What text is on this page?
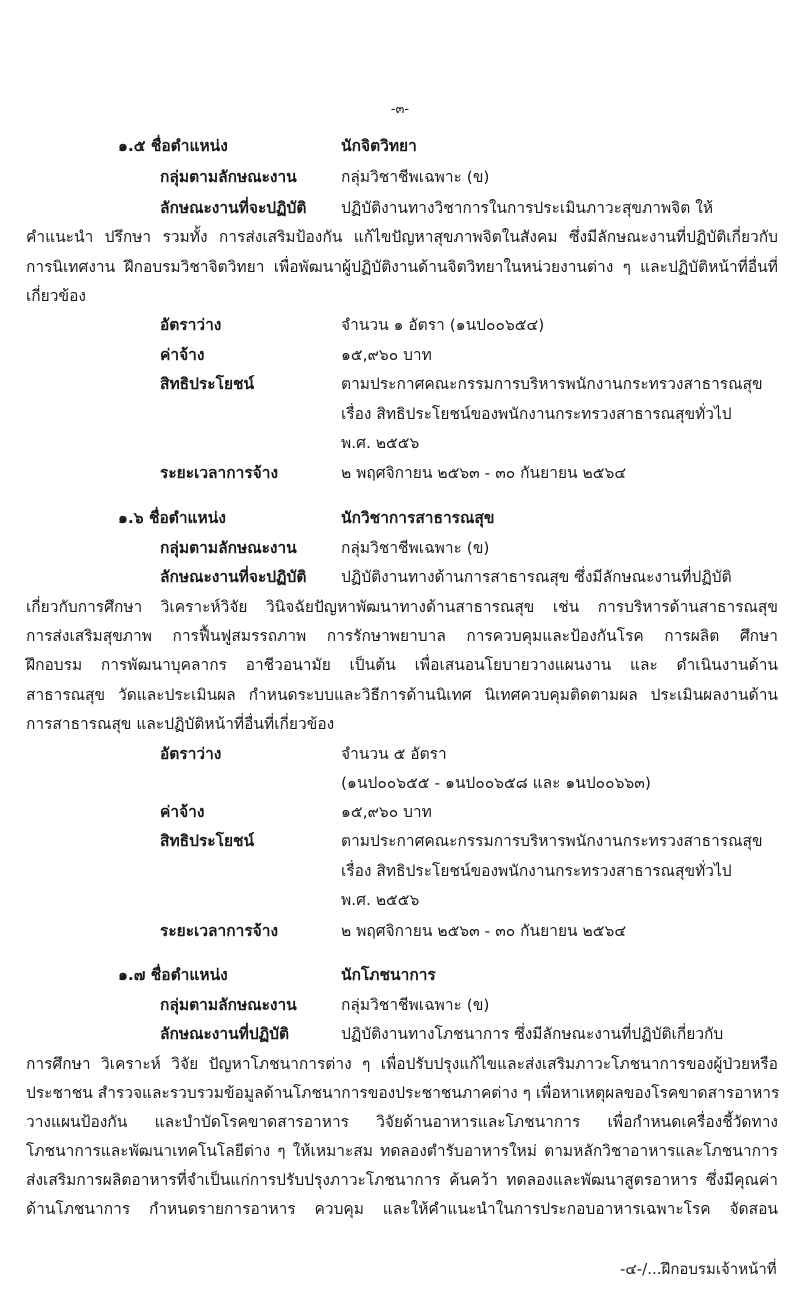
-๓-
๑.๕ ชื่อตำแหน่ง	นักจิตวิทยา
กลุ่มตามลักษณะงาน	กลุ่มวิชาชีพเฉพาะ (ข)
ลักษณะงานที่จะปฏิบัติ ปฏิบัติงานทางวิชาการในการประเมินภาวะสุขภาพจิต ให้
คำแนะนำ ปรึกษา รวมทั้ง การส่งเสริมป้องกัน แก้ไขปัญหาสุขภาพจิตในสังคม ซึ่งมีลักษณะงานที่ปฏิบัติเกี่ยวกับ
การนิเทศงาน ฝึกอบรมวิชาจิตวิทยา เพื่อพัฒนาผู้ปฏิบัติงานด้านจิตวิทยาในหน่วยงานต่าง ๆ และปฏิบัติหน้าที่อื่นที่
เกี่ยวข้อง
อัตราว่าง	จำนวน ๑ อัตรา (๑นป๐๐๖๕๔)
ค่าจ้าง	๑๕,๙๖๐ บาท
สิทธิประโยชน์	ตามประกาศคณะกรรมการบริหารพนักงานกระทรวงสาธารณสุข
เรื่อง สิทธิประโยชน์ของพนักงานกระทรวงสาธารณสุขทั่วไป
พ.ศ. ๒๕๕๖
ระยะเวลาการจ้าง	๒ พฤศจิกายน ๒๕๖๓ - ๓๐ กันยายน ๒๕๖๔
๑.๖ ชื่อตำแหน่ง	นักวิชาการสาธารณสุข
กลุ่มตามลักษณะงาน	กลุ่มวิชาชีพเฉพาะ (ข)
ลักษณะงานที่จะปฏิบัติ ปฏิบัติงานทางด้านการสาธารณสุข ซึ่งมีลักษณะงานที่ปฏิบัติ
เกี่ยวกับการศึกษา วิเคราะห์วิจัย วินิจฉัยปัญหาพัฒนาทางด้านสาธารณสุข เช่น การบริหารด้านสาธารณสุข
การส่งเสริมสุขภาพ การฟื้นฟูสมรรถภาพ การรักษาพยาบาล การควบคุมและป้องกันโรค การผลิต ศึกษา
ฝึกอบรม การพัฒนาบุคลากร อาชีวอนามัย เป็นต้น เพื่อเสนอนโยบายวางแผนงาน และ ดำเนินงานด้าน
สาธารณสุข วัดและประเมินผล กำหนดระบบและวิธีการด้านนิเทศ นิเทศควบคุมติดตามผล ประเมินผลงานด้าน
การสาธารณสุข และปฏิบัติหน้าที่อื่นที่เกี่ยวข้อง
อัตราว่าง	จำนวน ๕ อัตรา
(๑นป๐๐๖๕๕ - ๑นป๐๐๖๕๘ และ ๑นป๐๐๖๖๓)
ค่าจ้าง	๑๕,๙๖๐ บาท
สิทธิประโยชน์	ตามประกาศคณะกรรมการบริหารพนักงานกระทรวงสาธารณสุข
เรื่อง สิทธิประโยชน์ของพนักงานกระทรวงสาธารณสุขทั่วไป
พ.ศ. ๒๕๕๖
ระยะเวลาการจ้าง	๒ พฤศจิกายน ๒๕๖๓ - ๓๐ กันยายน ๒๕๖๔
๑.๗ ชื่อตำแหน่ง	นักโภชนาการ
กลุ่มตามลักษณะงาน	กลุ่มวิชาชีพเฉพาะ (ข)
ลักษณะงานที่ปฏิบัติ	ปฏิบัติงานทางโภชนาการ ซึ่งมีลักษณะงานที่ปฏิบัติเกี่ยวกับ
การศึกษา วิเคราะห์ วิจัย ปัญหาโภชนาการต่าง ๆ เพื่อปรับปรุงแก้ไขและส่งเสริมภาวะโภชนาการของผู้ป่วยหรือ
ประชาชน สำรวจและรวบรวมข้อมูลด้านโภชนาการของประชาชนภาคต่าง ๆ เพื่อหาเหตุผลของโรคขาดสารอาหาร
วางแผนป้องกัน และบำบัดโรคขาดสารอาหาร วิจัยด้านอาหารและโภชนาการ เพื่อกำหนดเครื่องชี้วัดทาง
โภชนาการและพัฒนาเทคโนโลยีต่าง ๆ ให้เหมาะสม ทดลองตำรับอาหารใหม่ ตามหลักวิชาอาหารและโภชนาการ
ส่งเสริมการผลิตอาหารที่จำเป็นแก่การปรับปรุงภาวะโภชนาการ ค้นคว้า ทดลองและพัฒนาสูตรอาหาร ซึ่งมีคุณค่า
ด้านโภชนาการ กำหนดรายการอาหาร ควบคุม และให้คำแนะนำในการประกอบอาหารเฉพาะโรค จัดสอน
-๔-/...ฝึกอบรมเจ้าหน้าที่
